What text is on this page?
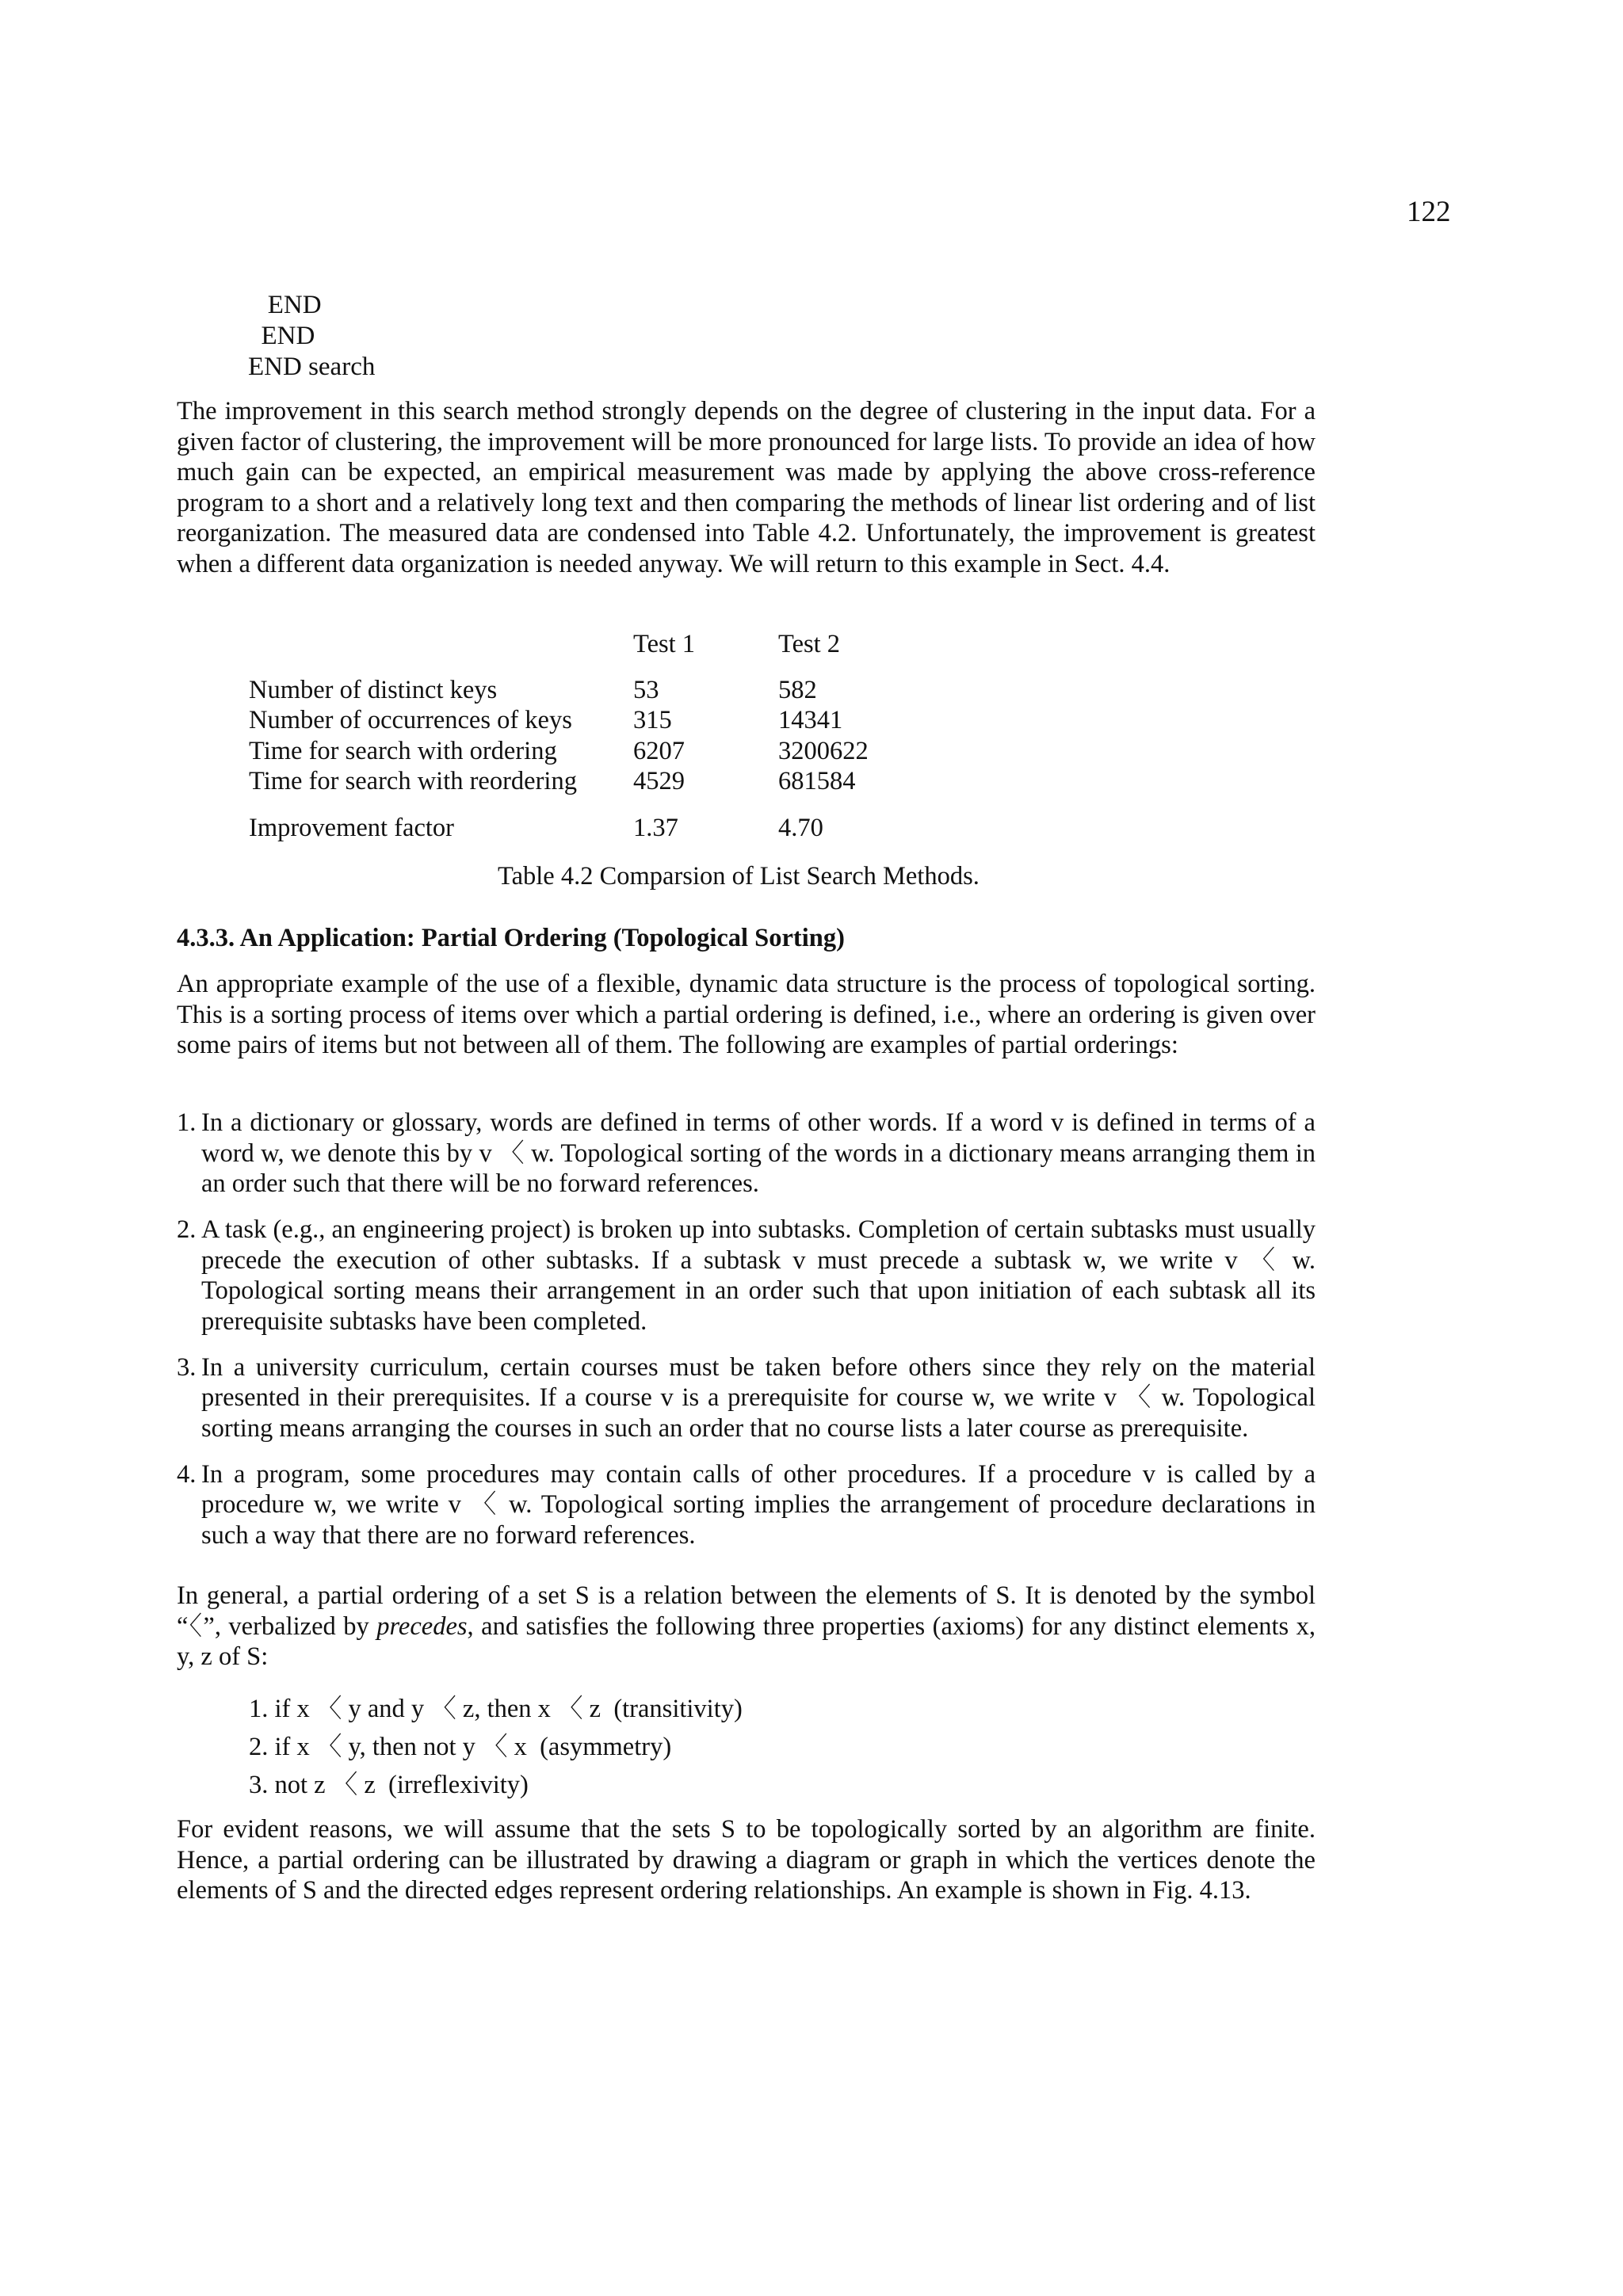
122
END
END
END search

The improvement in this search method strongly depends on the degree of clustering in the input data. For a given factor of clustering, the improvement will be more pronounced for large lists. To provide an idea of how much gain can be expected, an empirical measurement was made by applying the above cross-reference program to a short and a relatively long text and then comparing the methods of linear list ordering and of list reorganization. The measured data are condensed into Table 4.2. Unfortunately, the improvement is greatest when a different data organization is needed anyway. We will return to this example in Sect. 4.4.

Test 1	Test 2
Number of distinct keys	53	582
Number of occurrences of keys 315	14341
Time for search with ordering	6207	3200622
Time for search with reordering 4529	681584
Improvement factor	1.37	4.70
Table 4.2 Comparsion of List Search Methods.
4.3.3. An Application: Partial Ordering (Topological Sorting)

An appropriate example of the use of a flexible, dynamic data structure is the process of topological sorting. This is a sorting process of items over which a partial ordering is defined, i.e., where an ordering is given over some pairs of items but not between all of them. The following are examples of partial orderings:

1. In a dictionary or glossary, words are defined in terms of other words. If a word v is defined in terms of a word w, we denote this by v 〈 w. Topological sorting of the words in a dictionary means arranging them in an order such that there will be no forward references.
2. A task (e.g., an engineering project) is broken up into subtasks. Completion of certain subtasks must usually precede the execution of other subtasks. If a subtask v must precede a subtask w, we write v 〈 w. Topological sorting means their arrangement in an order such that upon initiation of each subtask all its prerequisite subtasks have been completed.
3. In a university curriculum, certain courses must be taken before others since they rely on the material presented in their prerequisites. If a course v is a prerequisite for course w, we write v 〈 w. Topological sorting means arranging the courses in such an order that no course lists a later course as prerequisite.
4. In a program, some procedures may contain calls of other procedures. If a procedure v is called by a procedure w, we write v 〈 w. Topological sorting implies the arrangement of procedure declarations in such a way that there are no forward references.

In general, a partial ordering of a set S is a relation between the elements of S. It is denoted by the symbol “〈”, verbalized by precedes, and satisfies the following three properties (axioms) for any distinct elements x, y, z of S:

1. if x 〈 y and y 〈 z, then x 〈 z  (transitivity)
2. if x 〈 y, then not y 〈 x  (asymmetry)
3. not z 〈 z  (irreflexivity)

For evident reasons, we will assume that the sets S to be topologically sorted by an algorithm are finite. Hence, a partial ordering can be illustrated by drawing a diagram or graph in which the vertices denote the elements of S and the directed edges represent ordering relationships. An example is shown in Fig. 4.13.
